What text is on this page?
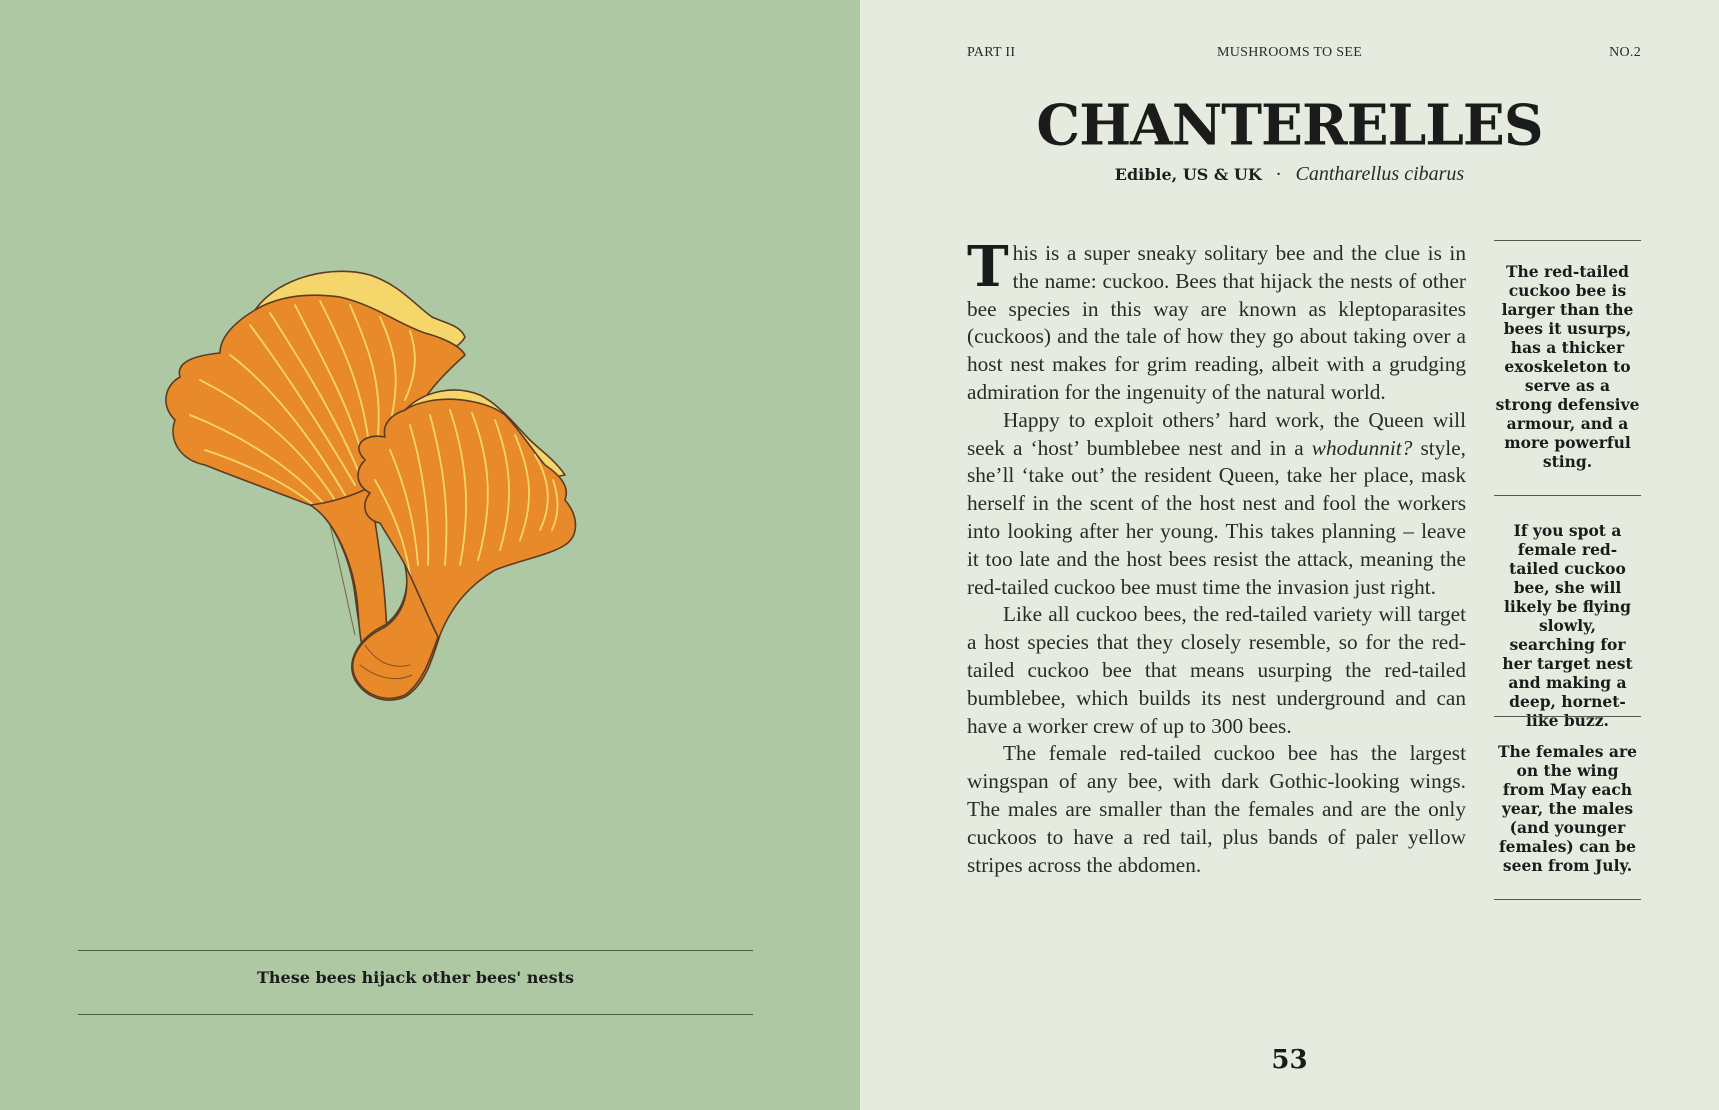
These bees hijack other bees' nests
PART II	MUSHROOMS TO SEE	NO.2
CHANTERELLES
Edible, US & UK · Cantharellus cibarus

This is a super sneaky solitary bee and the clue is in the name: cuckoo. Bees that hijack the nests of other bee species in this way are known as kleptoparasites (cuckoos) and the tale of how they go about taking over a host nest makes for grim reading, albeit with a grudging admiration for the ingenuity of the natural world.

Happy to exploit others’ hard work, the Queen will seek a ‘host’ bumblebee nest and in a whodunnit? style, she’ll ‘take out’ the resident Queen, take her place, mask herself in the scent of the host nest and fool the workers into looking after her young. This takes planning – leave it too late and the host bees resist the attack, meaning the red-tailed cuckoo bee must time the invasion just right.

Like all cuckoo bees, the red-tailed variety will target a host species that they closely resemble, so for the red-tailed cuckoo bee that means usurping the red-tailed bumblebee, which builds its nest underground and can have a worker crew of up to 300 bees.

The female red-tailed cuckoo bee has the largest wingspan of any bee, with dark Gothic-looking wings. The males are smaller than the females and are the only cuckoos to have a red tail, plus bands of paler yellow stripes across the abdomen.

The red-tailed cuckoo bee is larger than the bees it usurps, has a thicker exoskeleton to serve as a strong defensive armour, and a more powerful sting.
If you spot a female red-tailed cuckoo bee, she will likely be flying slowly, searching for her target nest and making a deep, hornet-like buzz.
The females are on the wing from May each year, the males (and younger females) can be seen from July.
53
